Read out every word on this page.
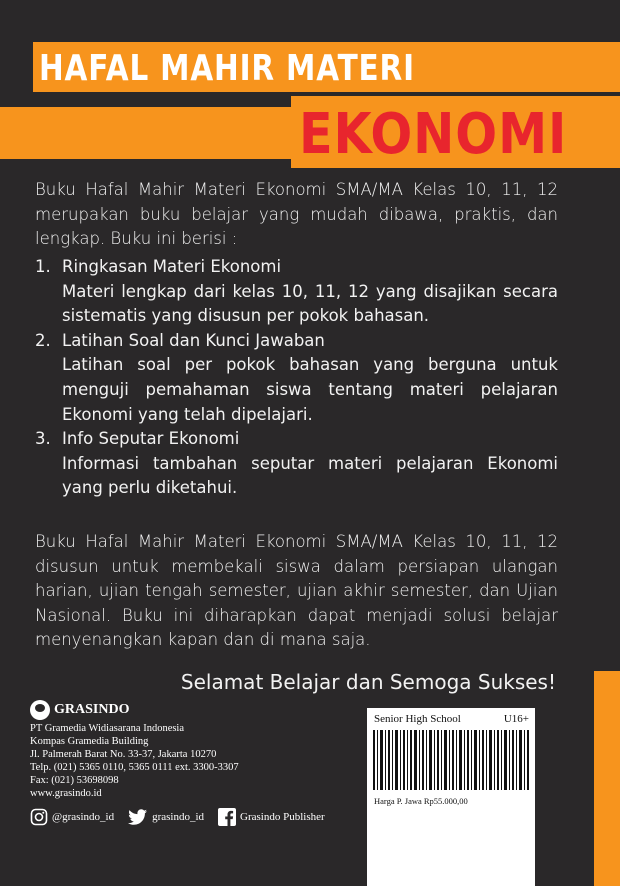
HAFAL MAHIR MATERI
EKONOMI
Buku Hafal Mahir Materi Ekonomi SMA/MA Kelas 10, 11, 12 merupakan buku belajar yang mudah dibawa, praktis, dan lengkap. Buku ini berisi :
1. Ringkasan Materi Ekonomi
Materi lengkap dari kelas 10, 11, 12 yang disajikan secara sistematis yang disusun per pokok bahasan.
2. Latihan Soal dan Kunci Jawaban
Latihan soal per pokok bahasan yang berguna untuk menguji pemahaman siswa tentang materi pelajaran Ekonomi yang telah dipelajari.
3. Info Seputar Ekonomi
Informasi tambahan seputar materi pelajaran Ekonomi yang perlu diketahui.
Buku Hafal Mahir Materi Ekonomi SMA/MA Kelas 10, 11, 12 disusun untuk membekali siswa dalam persiapan ulangan harian, ujian tengah semester, ujian akhir semester, dan Ujian Nasional. Buku ini diharapkan dapat menjadi solusi belajar menyenangkan kapan dan di mana saja.
Selamat Belajar dan Semoga Sukses!
GRASINDO
PT Gramedia Widiasarana Indonesia
Kompas Gramedia Building
Jl. Palmerah Barat No. 33-37, Jakarta 10270
Telp. (021) 5365 0110, 5365 0111 ext. 3300-3307
Fax: (021) 53698098
www.grasindo.id
@grasindo_id	grasindo_id	Grasindo Publisher
Senior High School	U16+
Harga P. Jawa Rp55.000,00
